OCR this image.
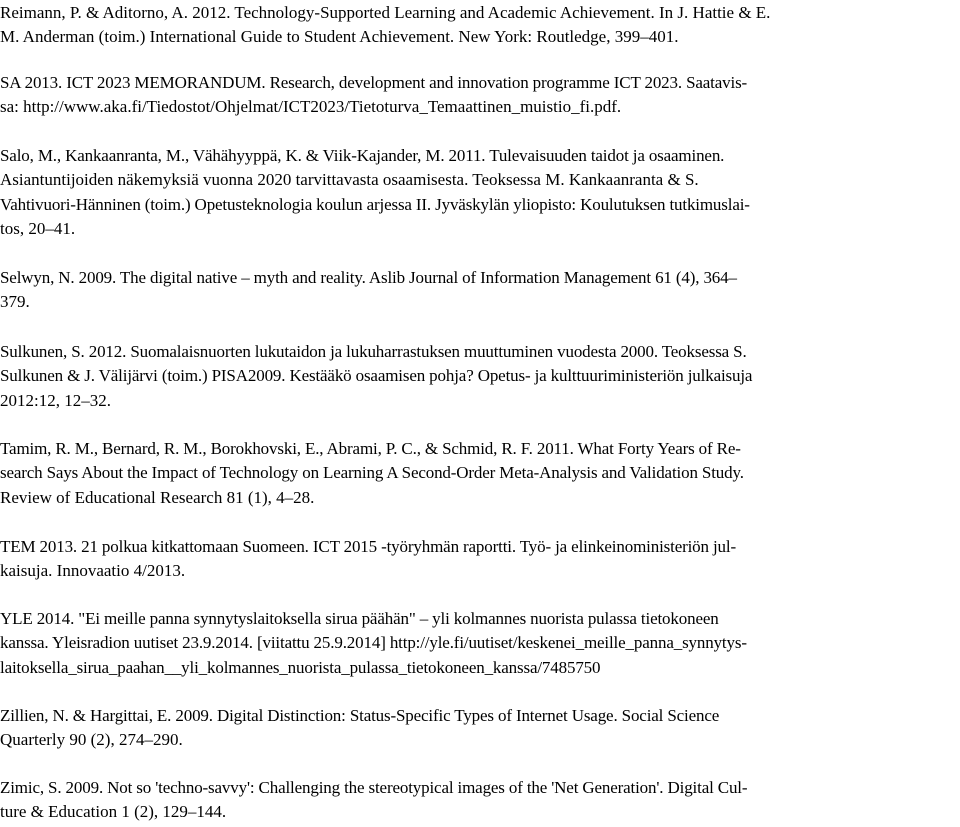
Reimann, P. & Aditorno, A. 2012. Technology-Supported Learning and Academic Achievement. In J. Hattie & E.
M. Anderman (toim.) International Guide to Student Achievement. New York: Routledge, 399–401.
SA 2013. ICT 2023 MEMORANDUM. Research, development and innovation programme ICT 2023. Saatavis-
sa: http://www.aka.fi/Tiedostot/Ohjelmat/ICT2023/Tietoturva_Temaattinen_muistio_fi.pdf.
Salo, M., Kankaanranta, M., Vähähyyppä, K. & Viik-Kajander, M. 2011. Tulevaisuuden taidot ja osaaminen.
Asiantuntijoiden näkemyksiä vuonna 2020 tarvittavasta osaamisesta. Teoksessa M. Kankaanranta & S.
Vahtivuori-Hänninen (toim.) Opetusteknologia koulun arjessa II. Jyväskylän yliopisto: Koulutuksen tutkimuslai-
tos, 20–41.
Selwyn, N. 2009. The digital native – myth and reality. Aslib Journal of Information Management 61 (4), 364–
379.
Sulkunen, S. 2012. Suomalaisnuorten lukutaidon ja lukuharrastuksen muuttuminen vuodesta 2000. Teoksessa S.
Sulkunen & J. Välijärvi (toim.) PISA2009. Kestääkö osaamisen pohja? Opetus- ja kulttuuriministeriön julkaisuja
2012:12, 12–32.
Tamim, R. M., Bernard, R. M., Borokhovski, E., Abrami, P. C., & Schmid, R. F. 2011. What Forty Years of Re-
search Says About the Impact of Technology on Learning A Second-Order Meta-Analysis and Validation Study.
Review of Educational Research 81 (1), 4–28.
TEM 2013. 21 polkua kitkattomaan Suomeen. ICT 2015 -työryhmän raportti. Työ- ja elinkeinoministeriön jul-
kaisuja. Innovaatio 4/2013.
YLE 2014. "Ei meille panna synnytyslaitoksella sirua päähän" – yli kolmannes nuorista pulassa tietokoneen
kanssa. Yleisradion uutiset 23.9.2014. [viitattu 25.9.2014] http://yle.fi/uutiset/keskenei_meille_panna_synnytys-
laitoksella_sirua_paahan__yli_kolmannes_nuorista_pulassa_tietokoneen_kanssa/7485750
Zillien, N. & Hargittai, E. 2009. Digital Distinction: Status-Specific Types of Internet Usage. Social Science
Quarterly 90 (2), 274–290.
Zimic, S. 2009. Not so 'techno-savvy': Challenging the stereotypical images of the 'Net Generation'. Digital Cul-
ture & Education 1 (2), 129–144.
